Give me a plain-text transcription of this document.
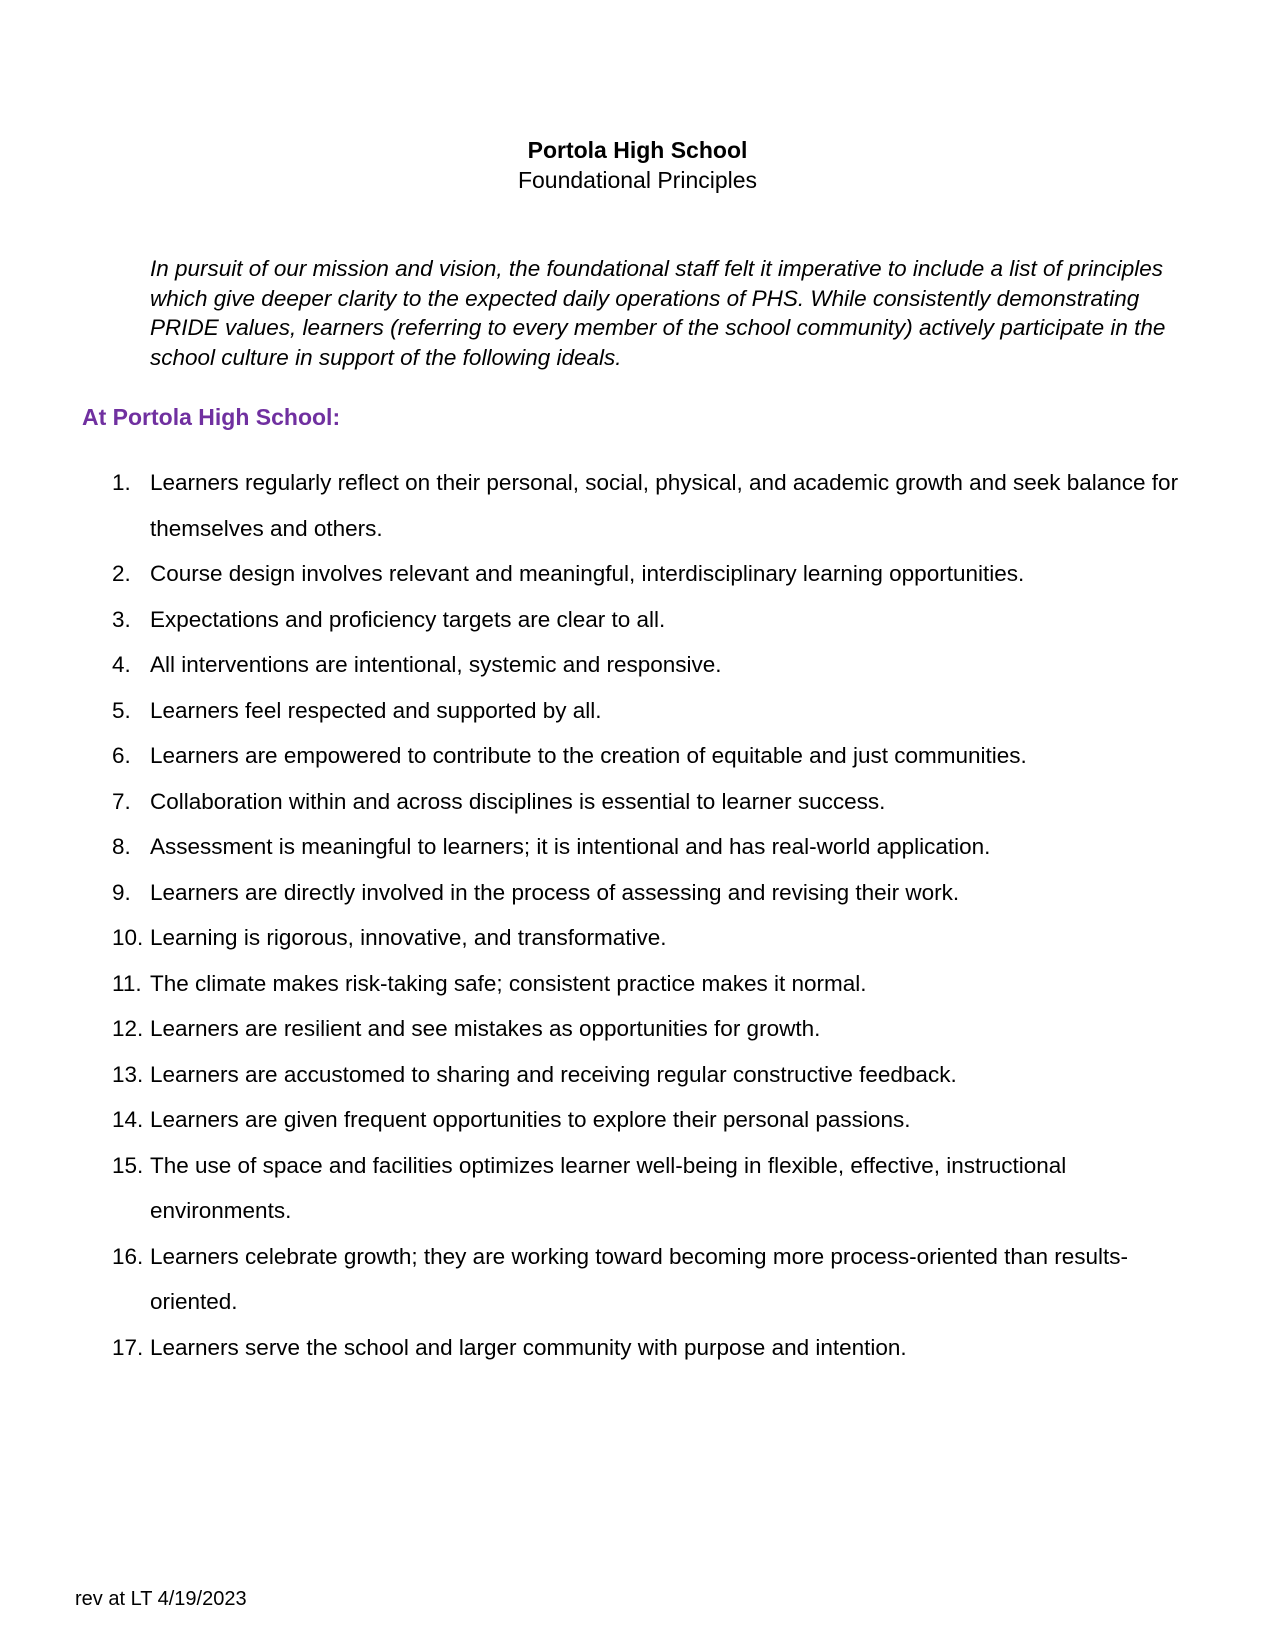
Portola High School
Foundational Principles

In pursuit of our mission and vision, the foundational staff felt it imperative to include a list of principles which give deeper clarity to the expected daily operations of PHS. While consistently demonstrating PRIDE values, learners (referring to every member of the school community) actively participate in the school culture in support of the following ideals.

At Portola High School:
1. Learners regularly reflect on their personal, social, physical, and academic growth and seek balance for themselves and others.
2. Course design involves relevant and meaningful, interdisciplinary learning opportunities.
3. Expectations and proficiency targets are clear to all.
4. All interventions are intentional, systemic and responsive.
5. Learners feel respected and supported by all.
6. Learners are empowered to contribute to the creation of equitable and just communities.
7. Collaboration within and across disciplines is essential to learner success.
8. Assessment is meaningful to learners; it is intentional and has real-world application.
9. Learners are directly involved in the process of assessing and revising their work.
10. Learning is rigorous, innovative, and transformative.
11. The climate makes risk-taking safe; consistent practice makes it normal.
12. Learners are resilient and see mistakes as opportunities for growth.
13. Learners are accustomed to sharing and receiving regular constructive feedback.
14. Learners are given frequent opportunities to explore their personal passions.
15. The use of space and facilities optimizes learner well-being in flexible, effective, instructional environments.
16. Learners celebrate growth; they are working toward becoming more process-oriented than results-oriented.
17. Learners serve the school and larger community with purpose and intention.
rev at LT 4/19/2023
